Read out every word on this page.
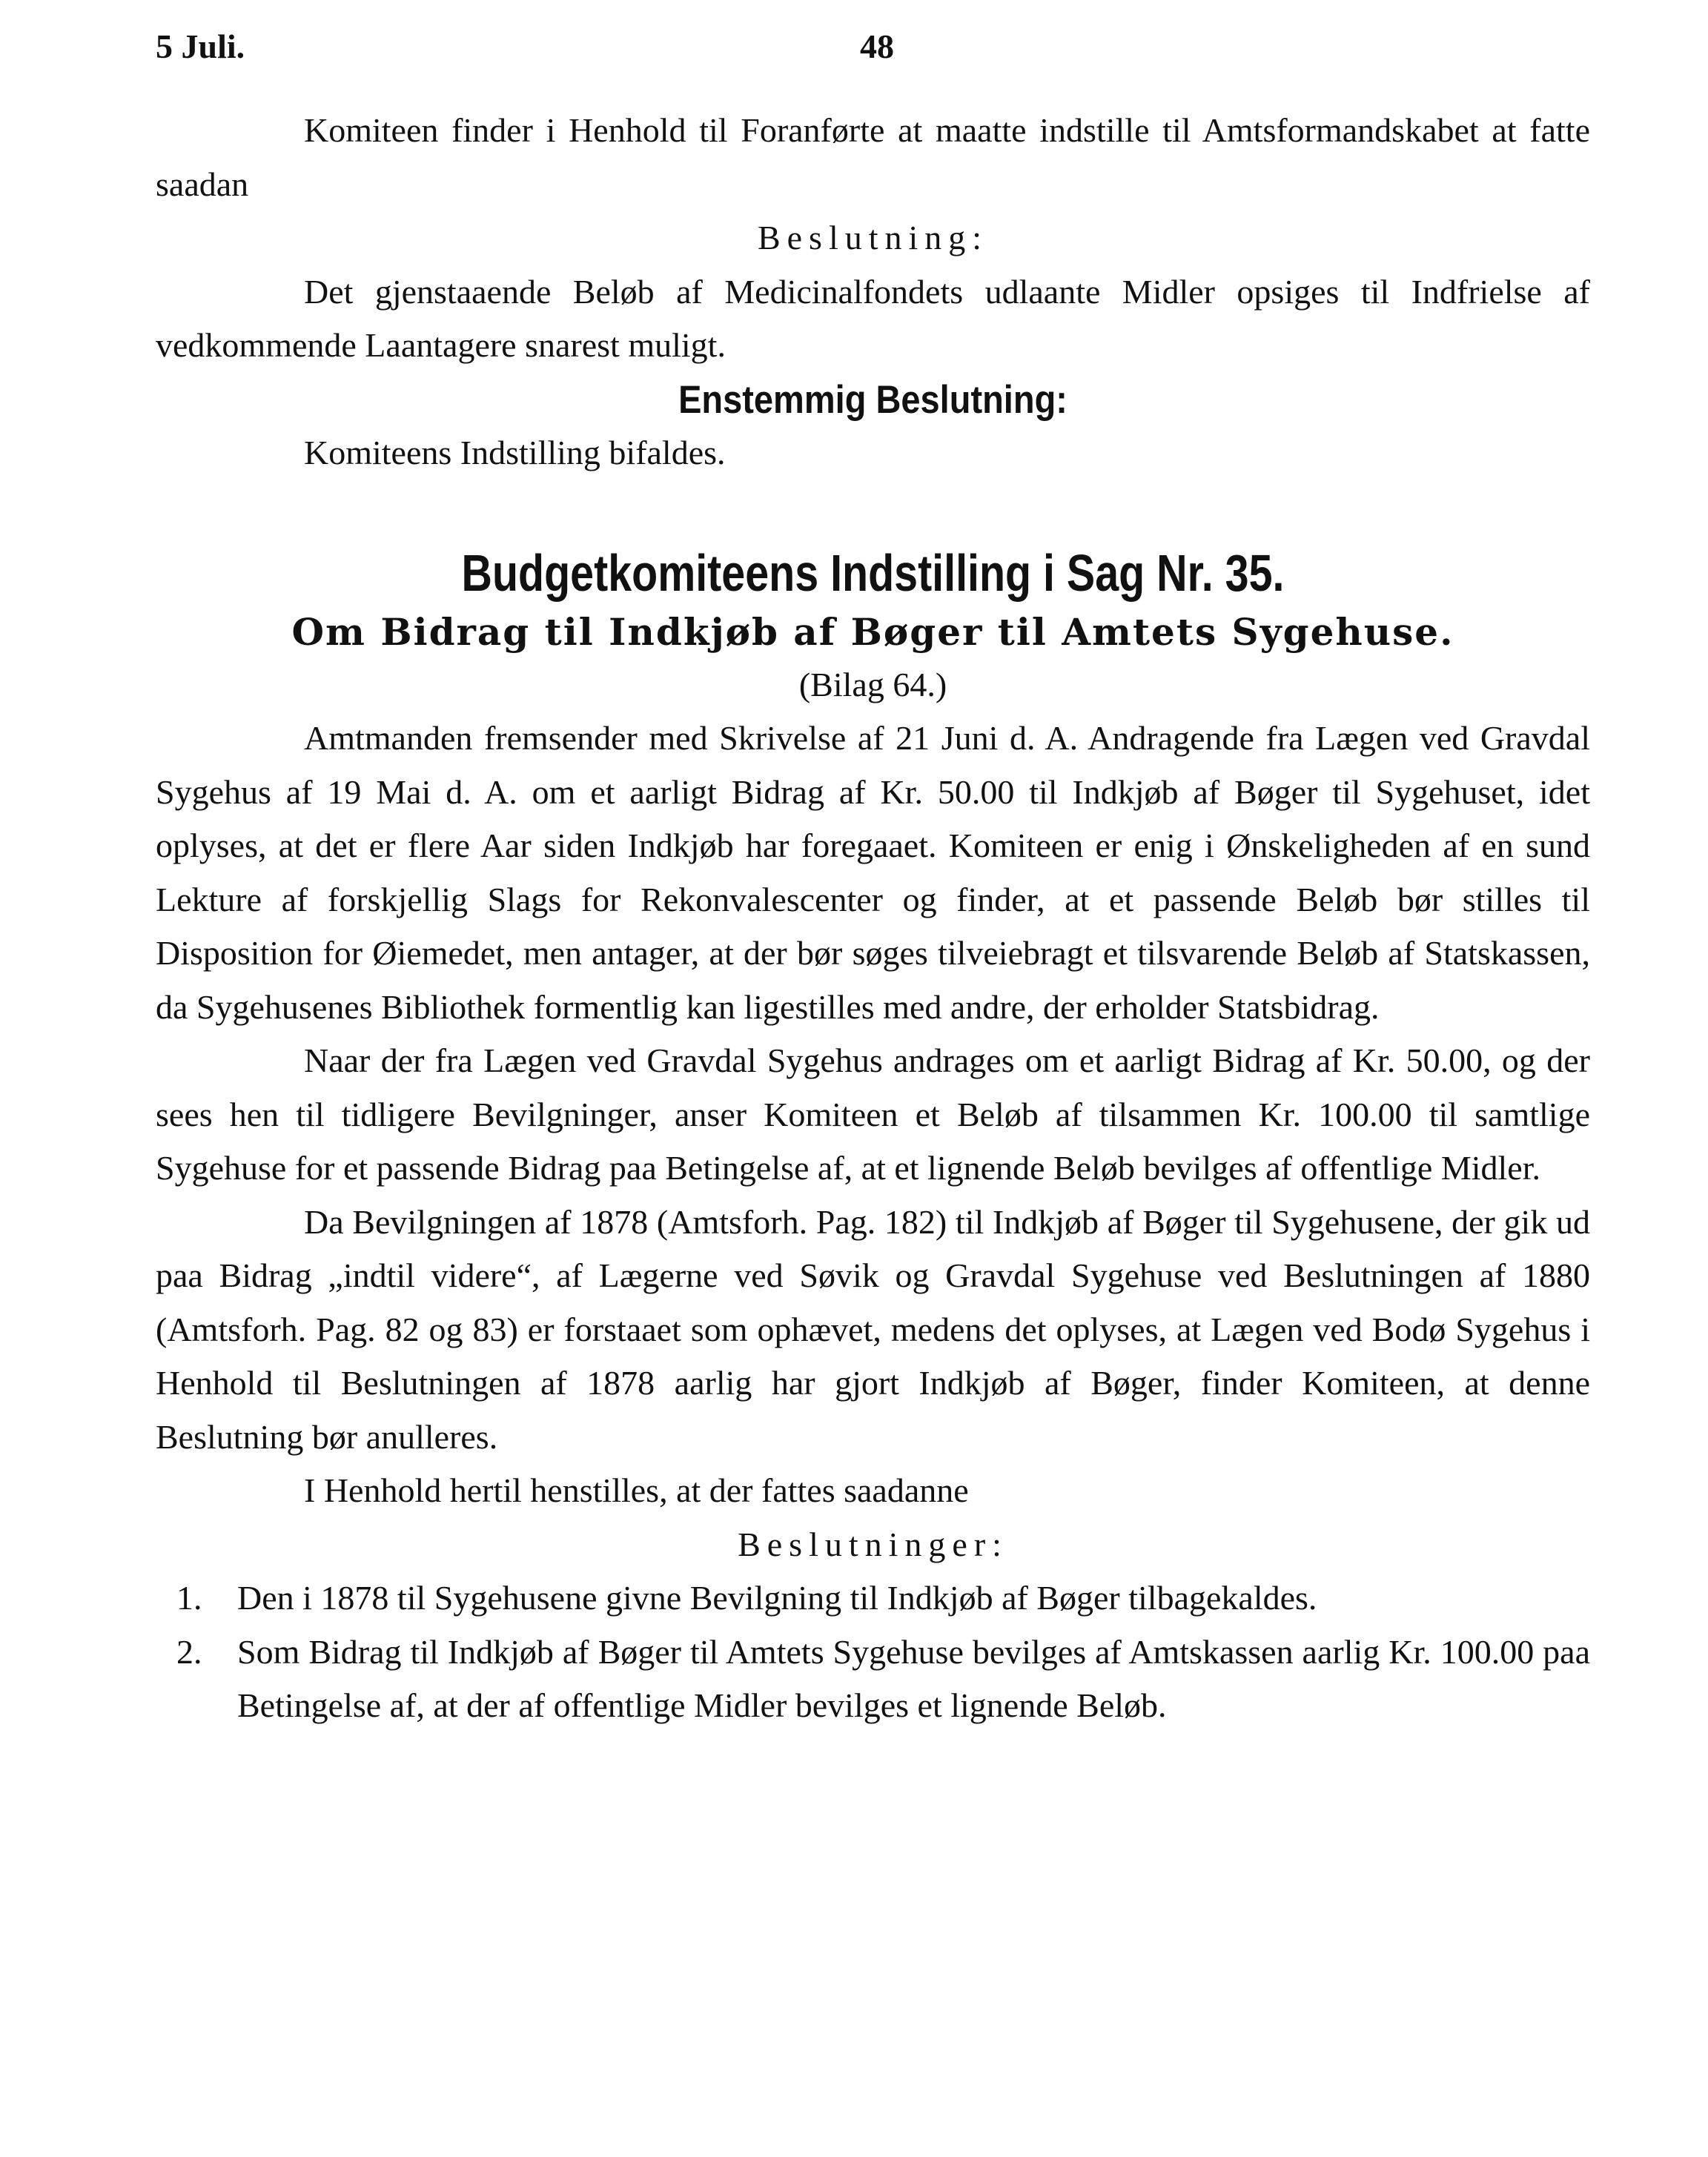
5 Juli.	48

Komiteen finder i Henhold til Foranførte at maatte indstille til Amtsformandskabet at fatte saadan

Beslutning:

Det gjenstaaende Beløb af Medicinalfondets udlaante Midler opsiges til Indfrielse af vedkommende Laantagere snarest muligt.

Enstemmig Beslutning:

Komiteens Indstilling bifaldes.

Budgetkomiteens Indstilling i Sag Nr. 35.

Om Bidrag til Indkjøb af Bøger til Amtets Sygehuse.

(Bilag 64.)

Amtmanden fremsender med Skrivelse af 21 Juni d. A. Andragende fra Lægen ved Gravdal Sygehus af 19 Mai d. A. om et aarligt Bidrag af Kr. 50.00 til Indkjøb af Bøger til Sygehuset, idet oplyses, at det er flere Aar siden Indkjøb har foregaaet. Komiteen er enig i Ønskeligheden af en sund Lekture af forskjellig Slags for Rekonvalescenter og finder, at et passende Beløb bør stilles til Disposition for Øiemedet, men antager, at der bør søges tilveiebragt et tilsvarende Beløb af Statskassen, da Sygehusenes Bibliothek formentlig kan ligestilles med andre, der erholder Statsbidrag.

Naar der fra Lægen ved Gravdal Sygehus andrages om et aarligt Bidrag af Kr. 50.00, og der sees hen til tidligere Bevilgninger, anser Komiteen et Beløb af tilsammen Kr. 100.00 til samtlige Sygehuse for et passende Bidrag paa Betingelse af, at et lignende Beløb bevilges af offentlige Midler.

Da Bevilgningen af 1878 (Amtsforh. Pag. 182) til Indkjøb af Bøger til Sygehusene, der gik ud paa Bidrag „indtil videre“, af Lægerne ved Søvik og Gravdal Sygehuse ved Beslutningen af 1880 (Amtsforh. Pag. 82 og 83) er forstaaet som ophævet, medens det oplyses, at Lægen ved Bodø Sygehus i Henhold til Beslutningen af 1878 aarlig har gjort Indkjøb af Bøger, finder Komiteen, at denne Beslutning bør anulleres.

I Henhold hertil henstilles, at der fattes saadanne

Beslutninger:

1. Den i 1878 til Sygehusene givne Bevilgning til Indkjøb af Bøger tilbagekaldes.
2. Som Bidrag til Indkjøb af Bøger til Amtets Sygehuse bevilges af Amtskassen aarlig Kr. 100.00 paa Betingelse af, at der af offentlige Midler bevilges et lignende Beløb.
